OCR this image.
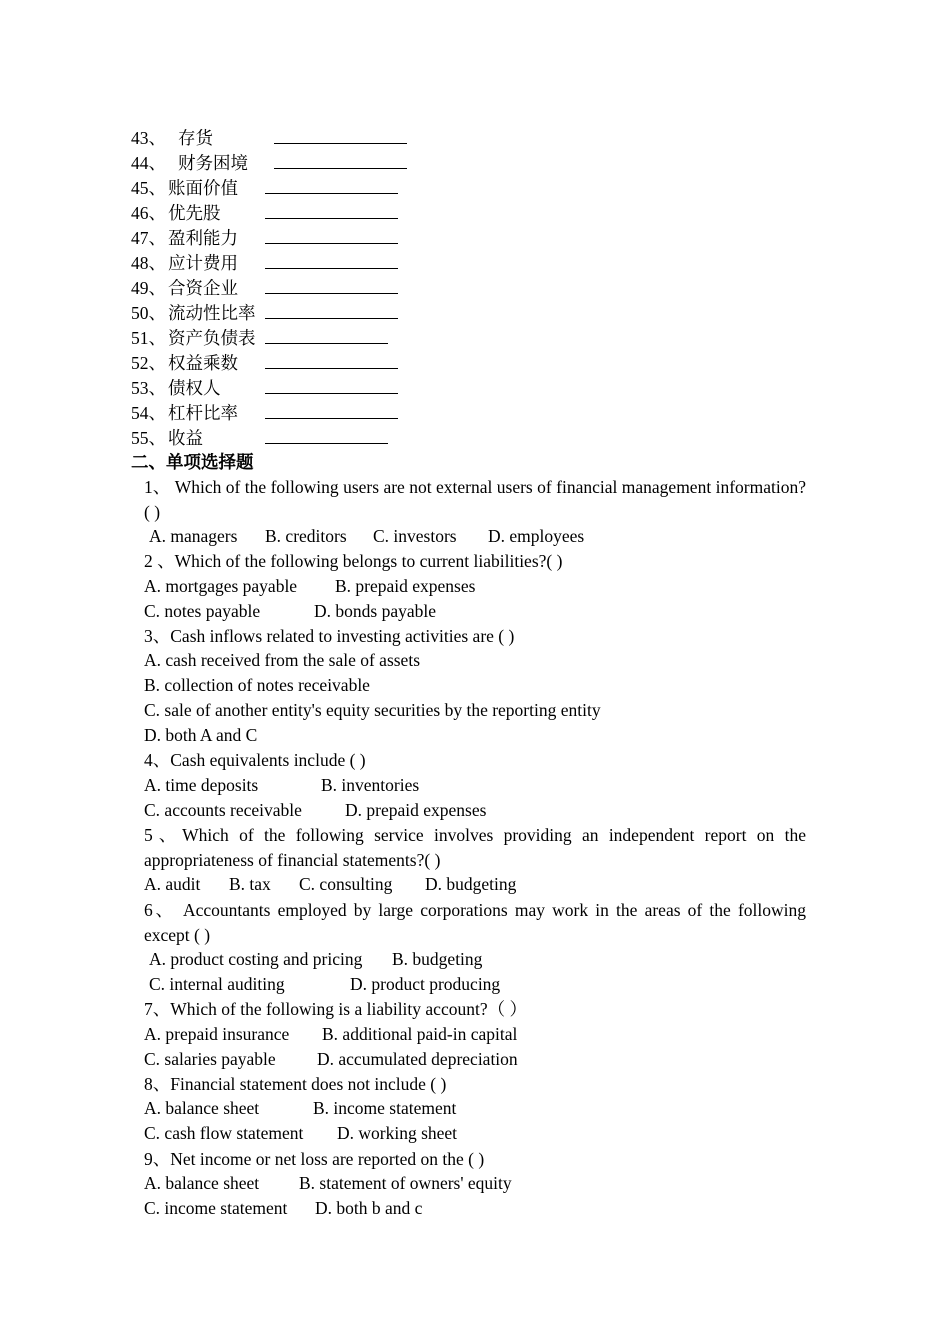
43、 存货
44、 财务困境
45、 账面价值
46、 优先股
47、 盈利能力
48、 应计费用
49、 合资企业
50、 流动性比率
51、 资产负债表
52、 权益乘数
53、 债权人
54、 杠杆比率
55、 收益
二、单项选择题
1、 Which of the following users are not external users of financial management information?( )
A. managers B. creditors C. investors D. employees
2 、Which of the following belongs to current liabilities?( )
A. mortgages payable B. prepaid expenses
C. notes payable	D. bonds payable
3、Cash inflows related to investing activities are ( )
A. cash received from the sale of assets
B. collection of notes receivable
C. sale of another entity's equity securities by the reporting entity
D. both A and C
4、Cash equivalents include ( )
A. time deposits	B. inventories
C. accounts receivable D. prepaid expenses
5、Which of the following service involves providing an independent report on the appropriateness of financial statements?( )
A. audit B. tax C. consulting D. budgeting
6、 Accountants employed by large corporations may work in the areas of the following except ( )
A. product costing and pricing B. budgeting
C. internal auditing	D. product producing
7、Which of the following is a liability account?（ ）
A. prepaid insurance B. additional paid-in capital
C. salaries payable D. accumulated depreciation
8、Financial statement does not include ( )
A. balance sheet	B. income statement
C. cash flow statement D. working sheet
9、Net income or net loss are reported on the ( )
A. balance sheet B. statement of owners' equity
C. income statement D. both b and c
